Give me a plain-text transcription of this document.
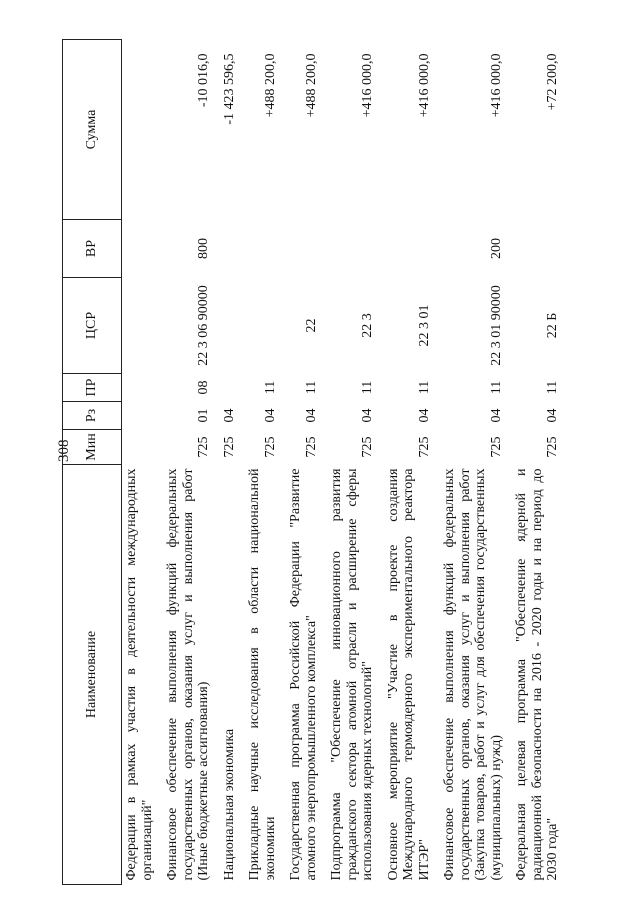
308
Наименование	Мин	Рз	ПР	ЦСР	ВР	Сумма
Федерации в рамках участия в деятельности международных организаций"						
Финансовое обеспечение выполнения функций федеральных государственных органов, оказания услуг и выполнения работ (Иные бюджетные ассигнования)	725	01	08	22 3 06 90000	800	-10 016,0
Национальная экономика	725	04				-1 423 596,5
Прикладные научные исследования в области национальной экономики	725	04	11			+488 200,0
Государственная программа Российской Федерации "Развитие атомного энергопромышленного комплекса"	725	04	11	22		+488 200,0
Подпрограмма "Обеспечение инновационного развития гражданского сектора атомной отрасли и расширение сферы использования ядерных технологий"	725	04	11	22 3		+416 000,0
Основное мероприятие "Участие в проекте создания Международного термоядерного экспериментального реактора ИТЭР"	725	04	11	22 3 01		+416 000,0
Финансовое обеспечение выполнения функций федеральных государственных органов, оказания услуг и выполнения работ (Закупка товаров, работ и услуг для обеспечения государственных (муниципальных) нужд)	725	04	11	22 3 01 90000	200	+416 000,0
Федеральная целевая программа "Обеспечение ядерной и радиационной безопасности на 2016 - 2020 годы и на период до 2030 года"	725	04	11	22 Б		+72 200,0
